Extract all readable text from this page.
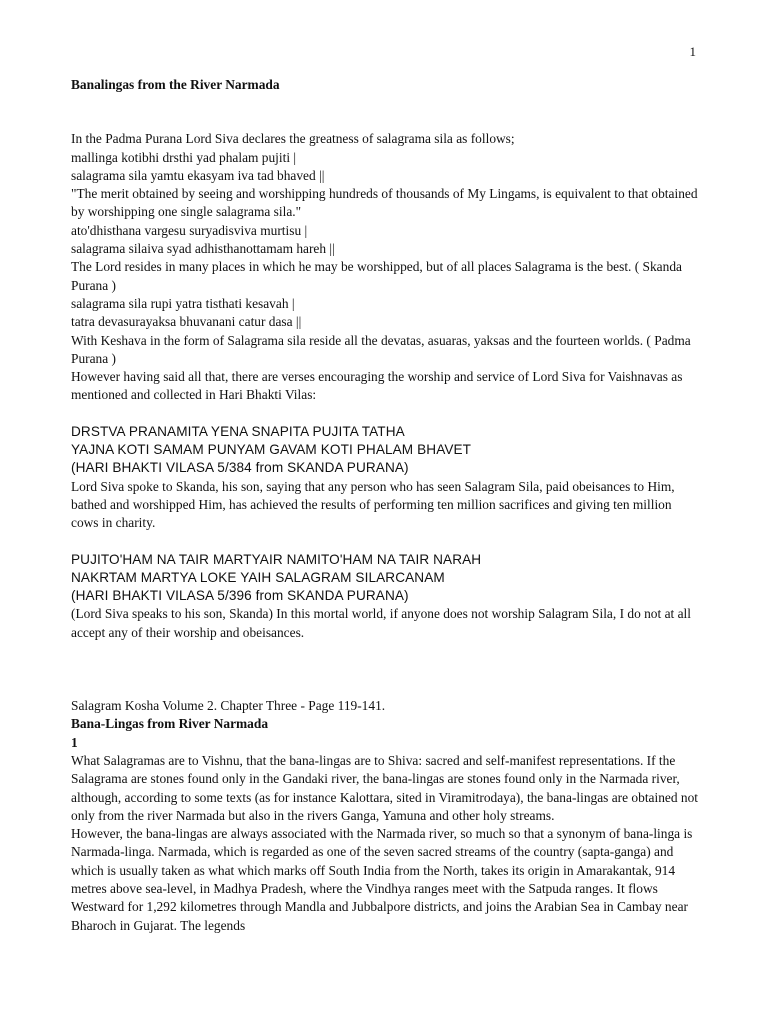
1

Banalingas from the River Narmada

In the Padma Purana Lord Siva declares the greatness of salagrama sila as follows;

mallinga kotibhi drsthi yad phalam pujiti |

salagrama sila yamtu ekasyam iva tad bhaved ||

"The merit obtained by seeing and worshipping hundreds of thousands of My Lingams, is equivalent to that obtained by worshipping one single salagrama sila."

ato'dhisthana vargesu suryadisviva murtisu |

salagrama silaiva syad adhisthanottamam hareh ||

The Lord resides in many places in which he may be worshipped, but of all places Salagrama is the best. ( Skanda Purana )

salagrama sila rupi yatra tisthati kesavah |

tatra devasurayaksa bhuvanani catur dasa ||

With Keshava in the form of Salagrama sila reside all the devatas, asuaras, yaksas and the fourteen worlds. ( Padma Purana )

However having said all that, there are verses encouraging the worship and service of Lord Siva for Vaishnavas as mentioned and collected in Hari Bhakti Vilas:

DRSTVA PRANAMITA YENA SNAPITA PUJITA TATHA

YAJNA KOTI SAMAM PUNYAM GAVAM KOTI PHALAM BHAVET

(HARI BHAKTI VILASA 5/384 from SKANDA PURANA)

Lord Siva spoke to Skanda, his son, saying that any person who has seen Salagram Sila, paid obeisances to Him, bathed and worshipped Him, has achieved the results of performing ten million sacrifices and giving ten million cows in charity.

PUJITO'HAM NA TAIR MARTYAIR NAMITO'HAM NA TAIR NARAH

NAKRTAM MARTYA LOKE YAIH SALAGRAM SILARCANAM

(HARI BHAKTI VILASA 5/396 from SKANDA PURANA)

(Lord Siva speaks to his son, Skanda) In this mortal world, if anyone does not worship Salagram Sila, I do not at all accept any of their worship and obeisances.

Salagram Kosha Volume 2. Chapter Three - Page 119-141.

Bana-Lingas from River Narmada

1

What Salagramas are to Vishnu, that the bana-lingas are to Shiva: sacred and self-manifest representations. If the Salagrama are stones found only in the Gandaki river, the bana-lingas are stones found only in the Narmada river, although, according to some texts (as for instance Kalottara, sited in Viramitrodaya), the bana-lingas are obtained not only from the river Narmada but also in the rivers Ganga, Yamuna and other holy streams.

However, the bana-lingas are always associated with the Narmada river, so much so that a synonym of bana-linga is Narmada-linga. Narmada, which is regarded as one of the seven sacred streams of the country (sapta-ganga) and which is usually taken as what which marks off South India from the North, takes its origin in Amarakantak, 914 metres above sea-level, in Madhya Pradesh, where the Vindhya ranges meet with the Satpuda ranges. It flows Westward for 1,292 kilometres through Mandla and Jubbalpore districts, and joins the Arabian Sea in Cambay near Bharoch in Gujarat. The legends
